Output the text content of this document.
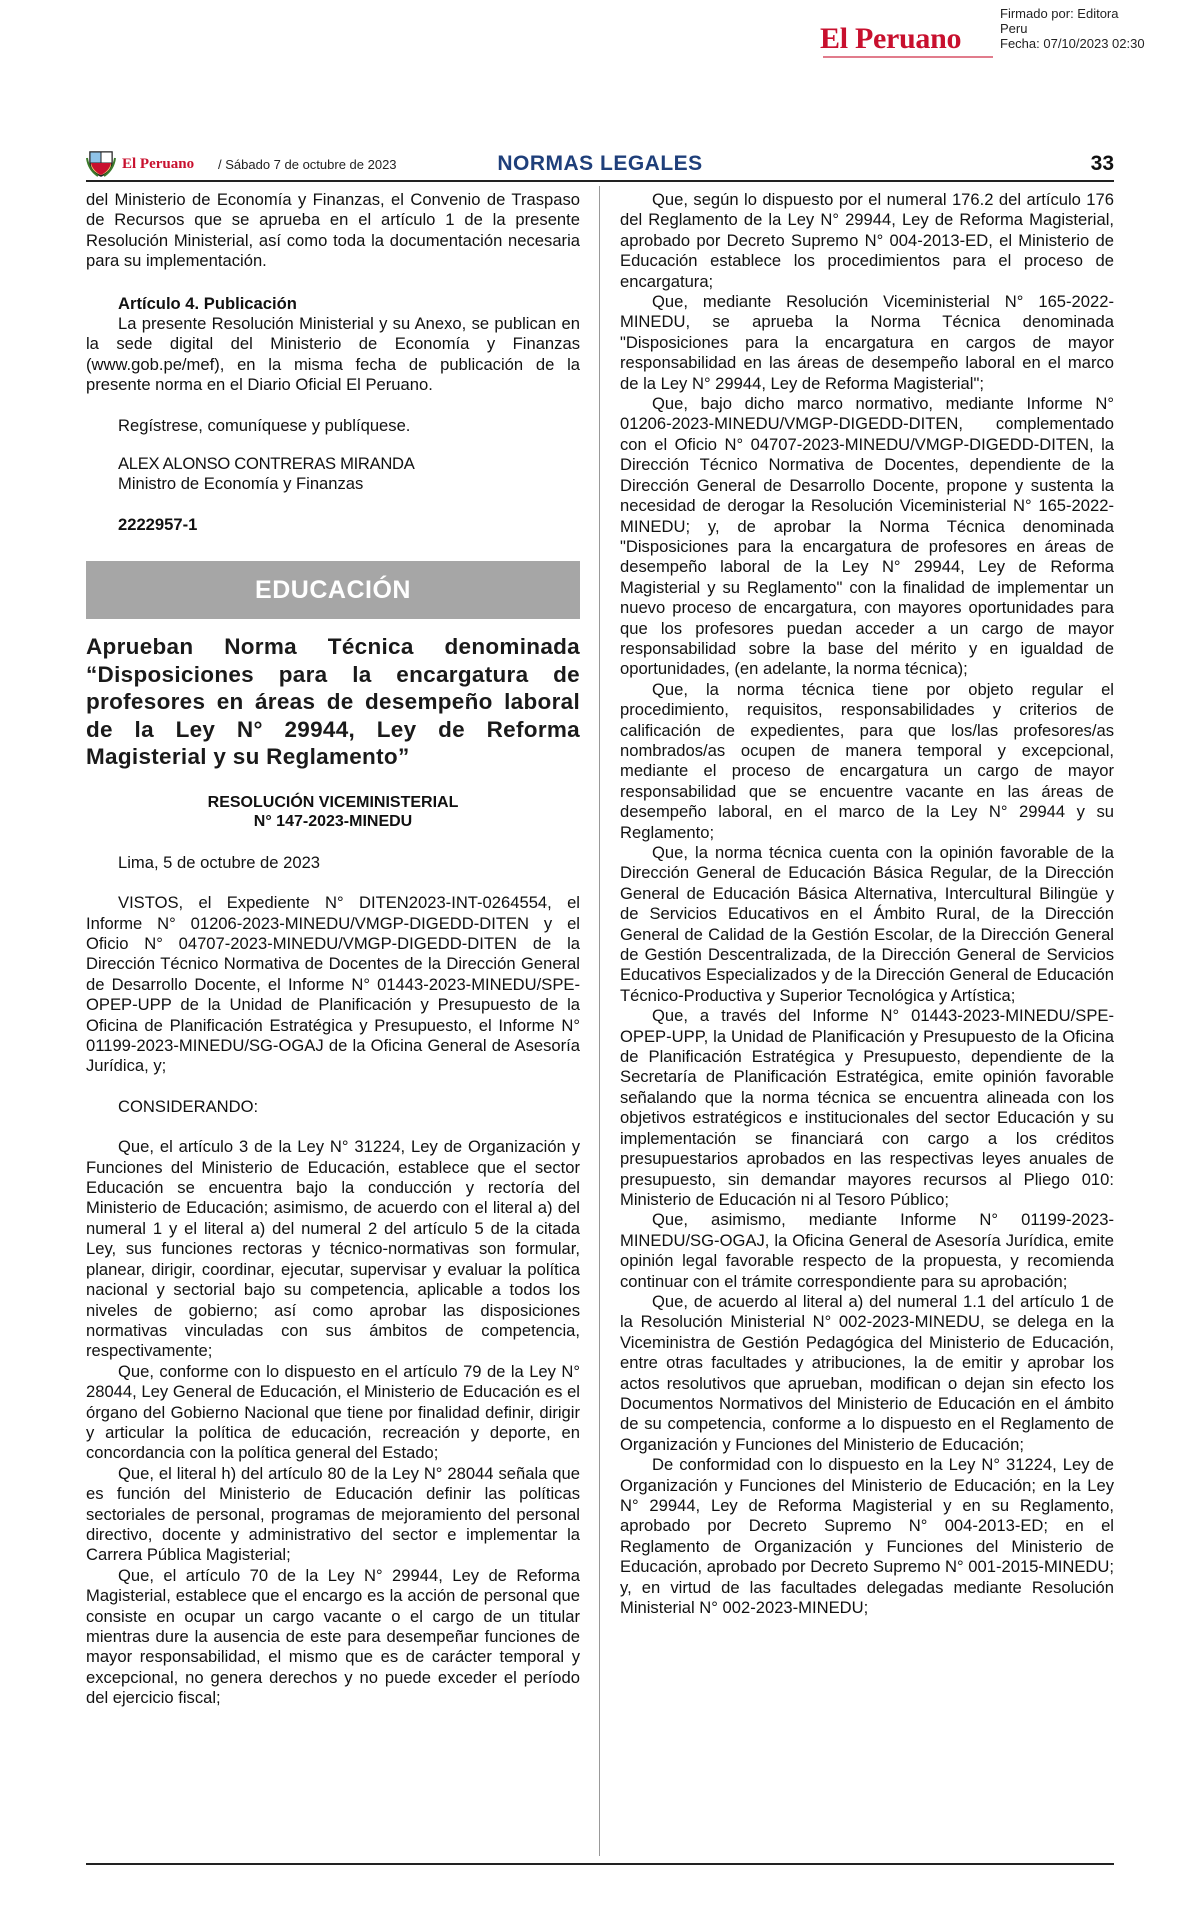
El Peruano
Firmado por: Editora
Peru
Fecha: 07/10/2023 02:30
El Peruano / Sábado 7 de octubre de 2023	NORMAS LEGALES	33

del Ministerio de Economía y Finanzas, el Convenio de Traspaso de Recursos que se aprueba en el artículo 1 de la presente Resolución Ministerial, así como toda la documentación necesaria para su implementación.

Artículo 4. Publicación

La presente Resolución Ministerial y su Anexo, se publican en la sede digital del Ministerio de Economía y Finanzas (www.gob.pe/mef), en la misma fecha de publicación de la presente norma en el Diario Oficial El Peruano.

Regístrese, comuníquese y publíquese.

ALEX ALONSO CONTRERAS MIRANDA
Ministro de Economía y Finanzas
2222957-1
EDUCACIÓN
Aprueban Norma Técnica denominada “Disposiciones para la encargatura de profesores en áreas de desempeño laboral de la Ley N° 29944, Ley de Reforma Magisterial y su Reglamento”
RESOLUCIÓN VICEMINISTERIAL
N° 147-2023-MINEDU
Lima, 5 de octubre de 2023

VISTOS, el Expediente N° DITEN2023-INT-0264554, el Informe N° 01206-2023-MINEDU/VMGP-DIGEDD-DITEN y el Oficio N° 04707-2023-MINEDU/VMGP-DIGEDD-DITEN de la Dirección Técnico Normativa de Docentes de la Dirección General de Desarrollo Docente, el Informe N° 01443-2023-MINEDU/SPE-OPEP-UPP de la Unidad de Planificación y Presupuesto de la Oficina de Planificación Estratégica y Presupuesto, el Informe N° 01199-2023-MINEDU/SG-OGAJ de la Oficina General de Asesoría Jurídica, y;

CONSIDERANDO:

Que, el artículo 3 de la Ley N° 31224, Ley de Organización y Funciones del Ministerio de Educación, establece que el sector Educación se encuentra bajo la conducción y rectoría del Ministerio de Educación; asimismo, de acuerdo con el literal a) del numeral 1 y el literal a) del numeral 2 del artículo 5 de la citada Ley, sus funciones rectoras y técnico-normativas son formular, planear, dirigir, coordinar, ejecutar, supervisar y evaluar la política nacional y sectorial bajo su competencia, aplicable a todos los niveles de gobierno; así como aprobar las disposiciones normativas vinculadas con sus ámbitos de competencia, respectivamente;

Que, conforme con lo dispuesto en el artículo 79 de la Ley N° 28044, Ley General de Educación, el Ministerio de Educación es el órgano del Gobierno Nacional que tiene por finalidad definir, dirigir y articular la política de educación, recreación y deporte, en concordancia con la política general del Estado;

Que, el literal h) del artículo 80 de la Ley N° 28044 señala que es función del Ministerio de Educación definir las políticas sectoriales de personal, programas de mejoramiento del personal directivo, docente y administrativo del sector e implementar la Carrera Pública Magisterial;

Que, el artículo 70 de la Ley N° 29944, Ley de Reforma Magisterial, establece que el encargo es la acción de personal que consiste en ocupar un cargo vacante o el cargo de un titular mientras dure la ausencia de este para desempeñar funciones de mayor responsabilidad, el mismo que es de carácter temporal y excepcional, no genera derechos y no puede exceder el período del ejercicio fiscal;

Que, según lo dispuesto por el numeral 176.2 del artículo 176 del Reglamento de la Ley N° 29944, Ley de Reforma Magisterial, aprobado por Decreto Supremo N° 004-2013-ED, el Ministerio de Educación establece los procedimientos para el proceso de encargatura;

Que, mediante Resolución Viceministerial N° 165-2022-MINEDU, se aprueba la Norma Técnica denominada "Disposiciones para la encargatura en cargos de mayor responsabilidad en las áreas de desempeño laboral en el marco de la Ley N° 29944, Ley de Reforma Magisterial";

Que, bajo dicho marco normativo, mediante Informe N° 01206-2023-MINEDU/VMGP-DIGEDD-DITEN, complementado con el Oficio N° 04707-2023-MINEDU/VMGP-DIGEDD-DITEN, la Dirección Técnico Normativa de Docentes, dependiente de la Dirección General de Desarrollo Docente, propone y sustenta la necesidad de derogar la Resolución Viceministerial N° 165-2022-MINEDU; y, de aprobar la Norma Técnica denominada "Disposiciones para la encargatura de profesores en áreas de desempeño laboral de la Ley N° 29944, Ley de Reforma Magisterial y su Reglamento" con la finalidad de implementar un nuevo proceso de encargatura, con mayores oportunidades para que los profesores puedan acceder a un cargo de mayor responsabilidad sobre la base del mérito y en igualdad de oportunidades, (en adelante, la norma técnica);

Que, la norma técnica tiene por objeto regular el procedimiento, requisitos, responsabilidades y criterios de calificación de expedientes, para que los/las profesores/as nombrados/as ocupen de manera temporal y excepcional, mediante el proceso de encargatura un cargo de mayor responsabilidad que se encuentre vacante en las áreas de desempeño laboral, en el marco de la Ley N° 29944 y su Reglamento;

Que, la norma técnica cuenta con la opinión favorable de la Dirección General de Educación Básica Regular, de la Dirección General de Educación Básica Alternativa, Intercultural Bilingüe y de Servicios Educativos en el Ámbito Rural, de la Dirección General de Calidad de la Gestión Escolar, de la Dirección General de Gestión Descentralizada, de la Dirección General de Servicios Educativos Especializados y de la Dirección General de Educación Técnico-Productiva y Superior Tecnológica y Artística;

Que, a través del Informe N° 01443-2023-MINEDU/SPE-OPEP-UPP, la Unidad de Planificación y Presupuesto de la Oficina de Planificación Estratégica y Presupuesto, dependiente de la Secretaría de Planificación Estratégica, emite opinión favorable señalando que la norma técnica se encuentra alineada con los objetivos estratégicos e institucionales del sector Educación y su implementación se financiará con cargo a los créditos presupuestarios aprobados en las respectivas leyes anuales de presupuesto, sin demandar mayores recursos al Pliego 010: Ministerio de Educación ni al Tesoro Público;

Que, asimismo, mediante Informe N° 01199-2023-MINEDU/SG-OGAJ, la Oficina General de Asesoría Jurídica, emite opinión legal favorable respecto de la propuesta, y recomienda continuar con el trámite correspondiente para su aprobación;

Que, de acuerdo al literal a) del numeral 1.1 del artículo 1 de la Resolución Ministerial N° 002-2023-MINEDU, se delega en la Viceministra de Gestión Pedagógica del Ministerio de Educación, entre otras facultades y atribuciones, la de emitir y aprobar los actos resolutivos que aprueban, modifican o dejan sin efecto los Documentos Normativos del Ministerio de Educación en el ámbito de su competencia, conforme a lo dispuesto en el Reglamento de Organización y Funciones del Ministerio de Educación;

De conformidad con lo dispuesto en la Ley N° 31224, Ley de Organización y Funciones del Ministerio de Educación; en la Ley N° 29944, Ley de Reforma Magisterial y en su Reglamento, aprobado por Decreto Supremo N° 004-2013-ED; en el Reglamento de Organización y Funciones del Ministerio de Educación, aprobado por Decreto Supremo N° 001-2015-MINEDU; y, en virtud de las facultades delegadas mediante Resolución Ministerial N° 002-2023-MINEDU;
